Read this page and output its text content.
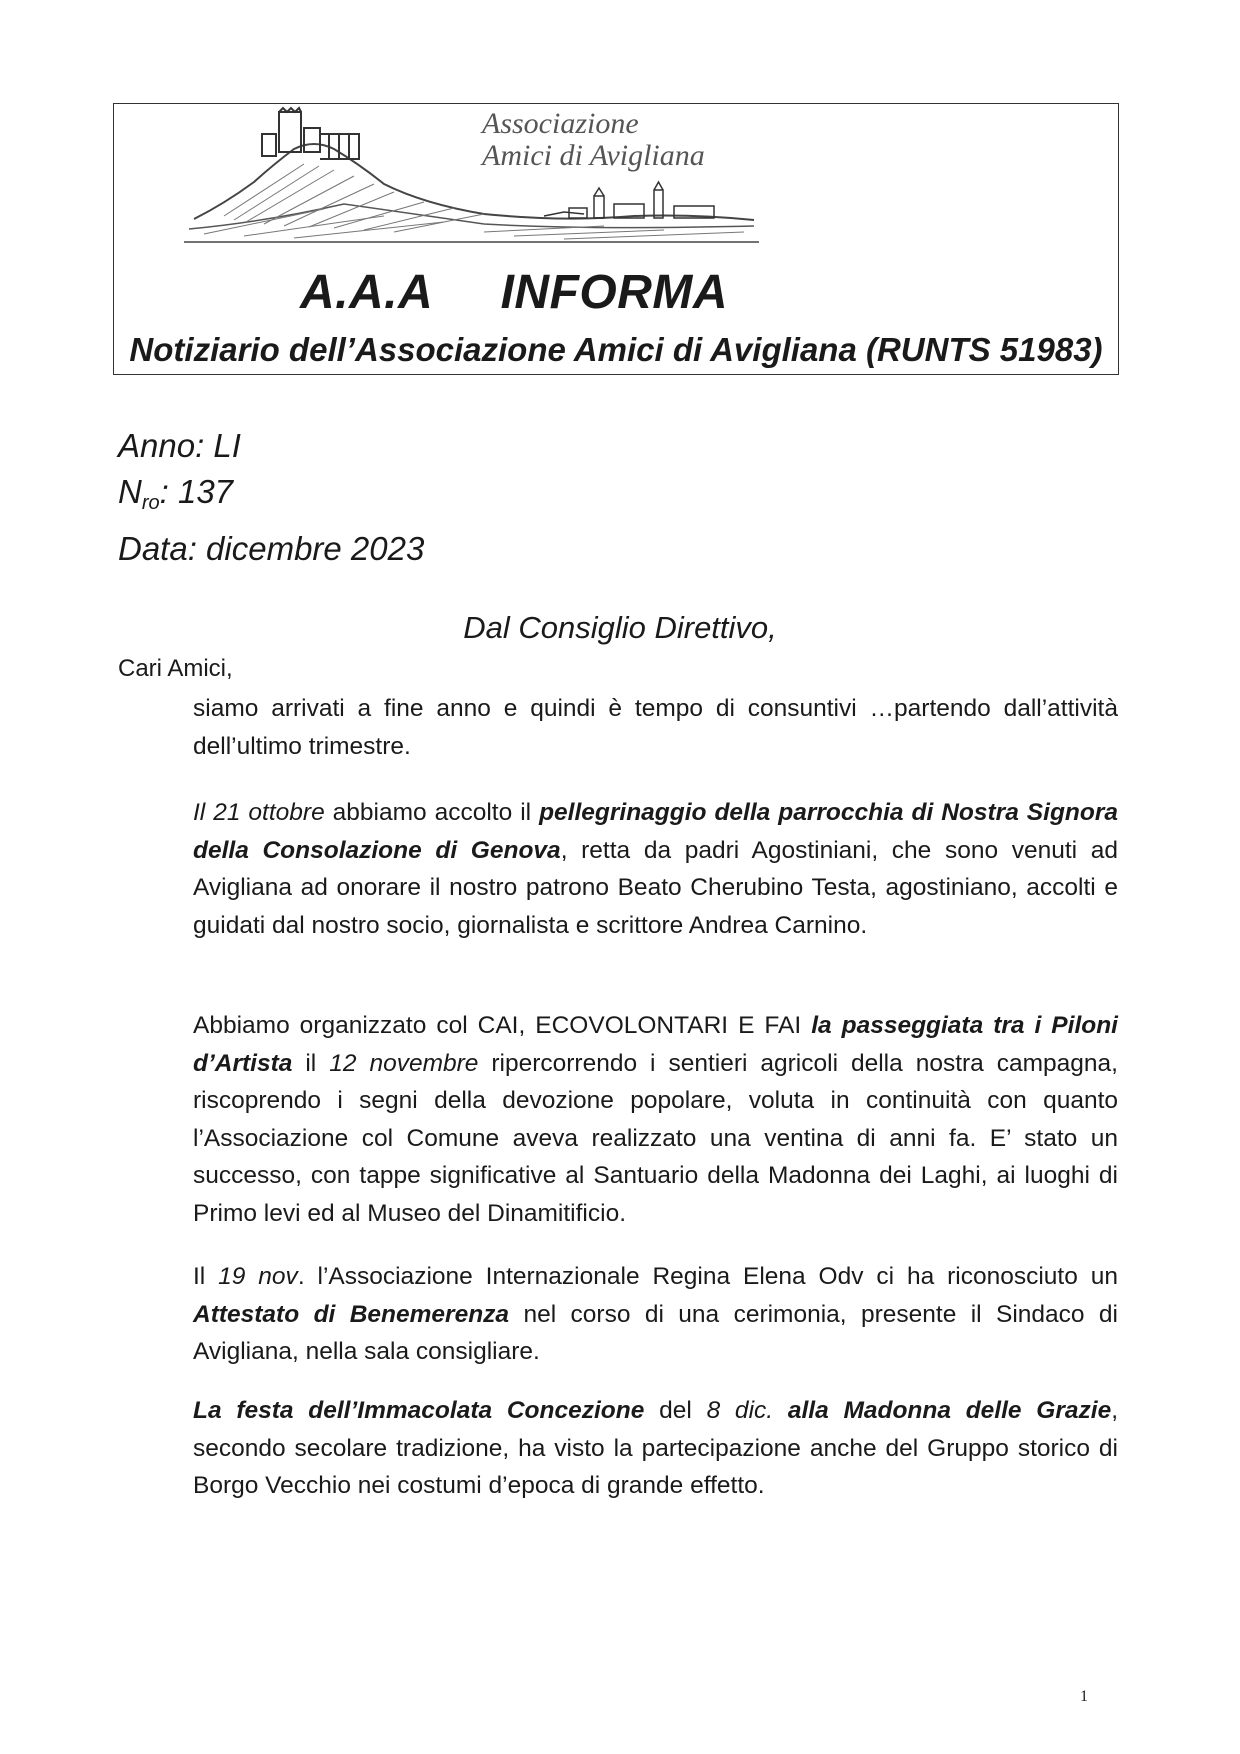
Associazione
Amici di Avigliana
A.A.A     INFORMA
Notiziario dell’Associazione Amici di Avigliana (RUNTS 51983)
Anno: LI
$N_{ro}$: 137
Data: dicembre 2023
Dal Consiglio Direttivo,
Cari Amici,

siamo arrivati a fine anno e quindi è tempo di consuntivi …partendo dall’attività dell’ultimo trimestre.

Il 21 ottobre abbiamo accolto il pellegrinaggio della parrocchia di Nostra Signora della Consolazione di Genova, retta da padri Agostiniani, che sono venuti ad Avigliana ad onorare il nostro patrono Beato Cherubino Testa, agostiniano, accolti e guidati dal nostro socio, giornalista e scrittore Andrea Carnino.

Abbiamo organizzato col CAI, ECOVOLONTARI E FAI la passeggiata tra i Piloni d’Artista il 12 novembre ripercorrendo i sentieri agricoli della nostra campagna, riscoprendo i segni della devozione popolare, voluta in continuità con quanto l’Associazione col Comune aveva realizzato una ventina di anni fa. E’ stato un successo, con tappe significative al Santuario della Madonna dei Laghi, ai luoghi di Primo levi ed al Museo del Dinamitificio.

Il 19 nov. l’Associazione Internazionale Regina Elena Odv ci ha riconosciuto un Attestato di Benemerenza nel corso di una cerimonia, presente il Sindaco di Avigliana, nella sala consigliare.

La festa dell’Immacolata Concezione del 8 dic. alla Madonna delle Grazie, secondo secolare tradizione, ha visto la partecipazione anche del Gruppo storico di Borgo Vecchio nei costumi d’epoca di grande effetto.

1
